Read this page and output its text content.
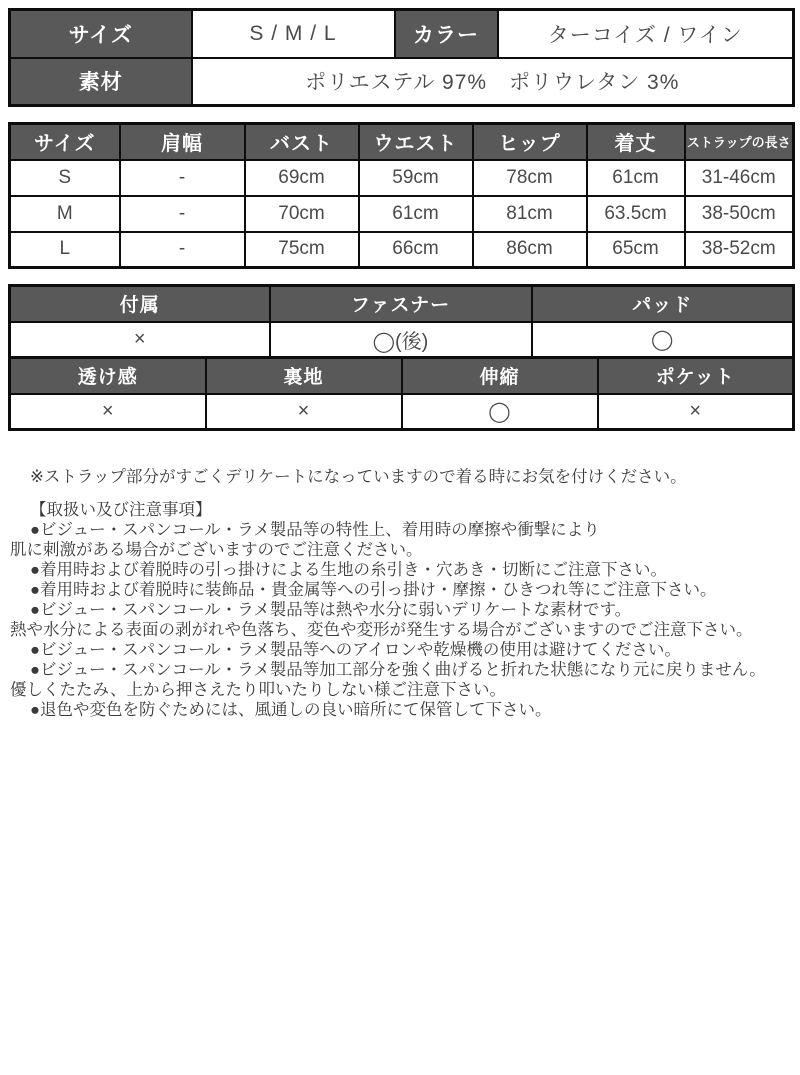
サイズ	S / M / L	カラー	ターコイズ / ワイン
素材	ポリエステル 97%　ポリウレタン 3%		
サイズ	肩幅	バスト	ウエスト	ヒップ	着丈	ストラップの長さ
S	-	69cm	59cm	78cm	61cm	31-46cm
M	-	70cm	61cm	81cm	63.5cm	38-50cm
L	-	75cm	66cm	86cm	65cm	38-52cm
付属	ファスナー	パッド
×	◯(後)	◯
透け感	裏地	伸縮	ポケット
×	×	◯	×
※ストラップ部分がすごくデリケートになっていますので着る時にお気を付けください。
【取扱い及び注意事項】
●ビジュー・スパンコール・ラメ製品等の特性上、着用時の摩擦や衝撃により
肌に刺激がある場合がございますのでご注意ください。
●着用時および着脱時の引っ掛けによる生地の糸引き・穴あき・切断にご注意下さい。
●着用時および着脱時に装飾品・貴金属等への引っ掛け・摩擦・ひきつれ等にご注意下さい。
●ビジュー・スパンコール・ラメ製品等は熱や水分に弱いデリケートな素材です。
熱や水分による表面の剥がれや色落ち、変色や変形が発生する場合がございますのでご注意下さい。
●ビジュー・スパンコール・ラメ製品等へのアイロンや乾燥機の使用は避けてください。
●ビジュー・スパンコール・ラメ製品等加工部分を強く曲げると折れた状態になり元に戻りません。
優しくたたみ、上から押さえたり叩いたりしない様ご注意下さい。
●退色や変色を防ぐためには、風通しの良い暗所にて保管して下さい。
